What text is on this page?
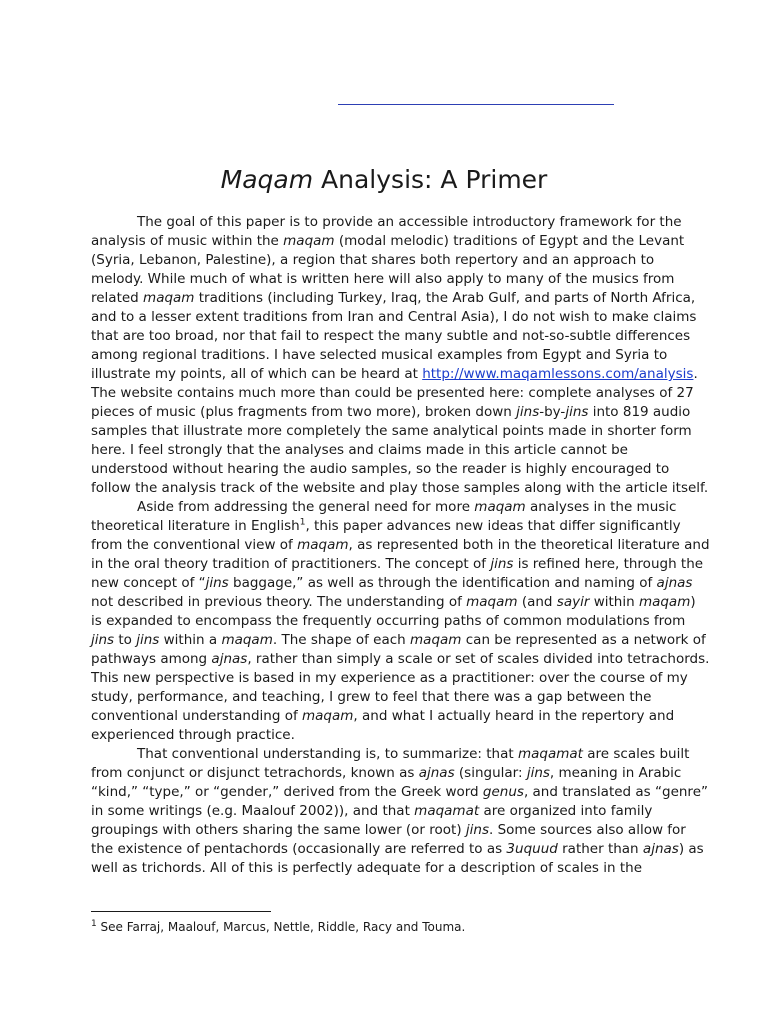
Maqam Analysis: A Primer
The goal of this paper is to provide an accessible introductory framework for the
analysis of music within the maqam (modal melodic) traditions of Egypt and the Levant
(Syria, Lebanon, Palestine), a region that shares both repertory and an approach to
melody. While much of what is written here will also apply to many of the musics from
related maqam traditions (including Turkey, Iraq, the Arab Gulf, and parts of North Africa,
and to a lesser extent traditions from Iran and Central Asia), I do not wish to make claims
that are too broad, nor that fail to respect the many subtle and not-so-subtle differences
among regional traditions. I have selected musical examples from Egypt and Syria to
illustrate my points, all of which can be heard at http://www.maqamlessons.com/analysis.
The website contains much more than could be presented here: complete analyses of 27
pieces of music (plus fragments from two more), broken down jins-by-jins into 819 audio
samples that illustrate more completely the same analytical points made in shorter form
here. I feel strongly that the analyses and claims made in this article cannot be
understood without hearing the audio samples, so the reader is highly encouraged to
follow the analysis track of the website and play those samples along with the article itself.
Aside from addressing the general need for more maqam analyses in the music
theoretical literature in English$^1$, this paper advances new ideas that differ significantly
from the conventional view of maqam, as represented both in the theoretical literature and
in the oral theory tradition of practitioners. The concept of jins is refined here, through the
new concept of “jins baggage,” as well as through the identification and naming of ajnas
not described in previous theory. The understanding of maqam (and sayir within maqam)
is expanded to encompass the frequently occurring paths of common modulations from
jins to jins within a maqam. The shape of each maqam can be represented as a network of
pathways among ajnas, rather than simply a scale or set of scales divided into tetrachords.
This new perspective is based in my experience as a practitioner: over the course of my
study, performance, and teaching, I grew to feel that there was a gap between the
conventional understanding of maqam, and what I actually heard in the repertory and
experienced through practice.
That conventional understanding is, to summarize: that maqamat are scales built
from conjunct or disjunct tetrachords, known as ajnas (singular: jins, meaning in Arabic
“kind,” “type,” or “gender,” derived from the Greek word genus, and translated as “genre”
in some writings (e.g. Maalouf 2002)), and that maqamat are organized into family
groupings with others sharing the same lower (or root) jins. Some sources also allow for
the existence of pentachords (occasionally are referred to as 3uquud rather than ajnas) as
well as trichords. All of this is perfectly adequate for a description of scales in the
$^1$ See Farraj, Maalouf, Marcus, Nettle, Riddle, Racy and Touma.
